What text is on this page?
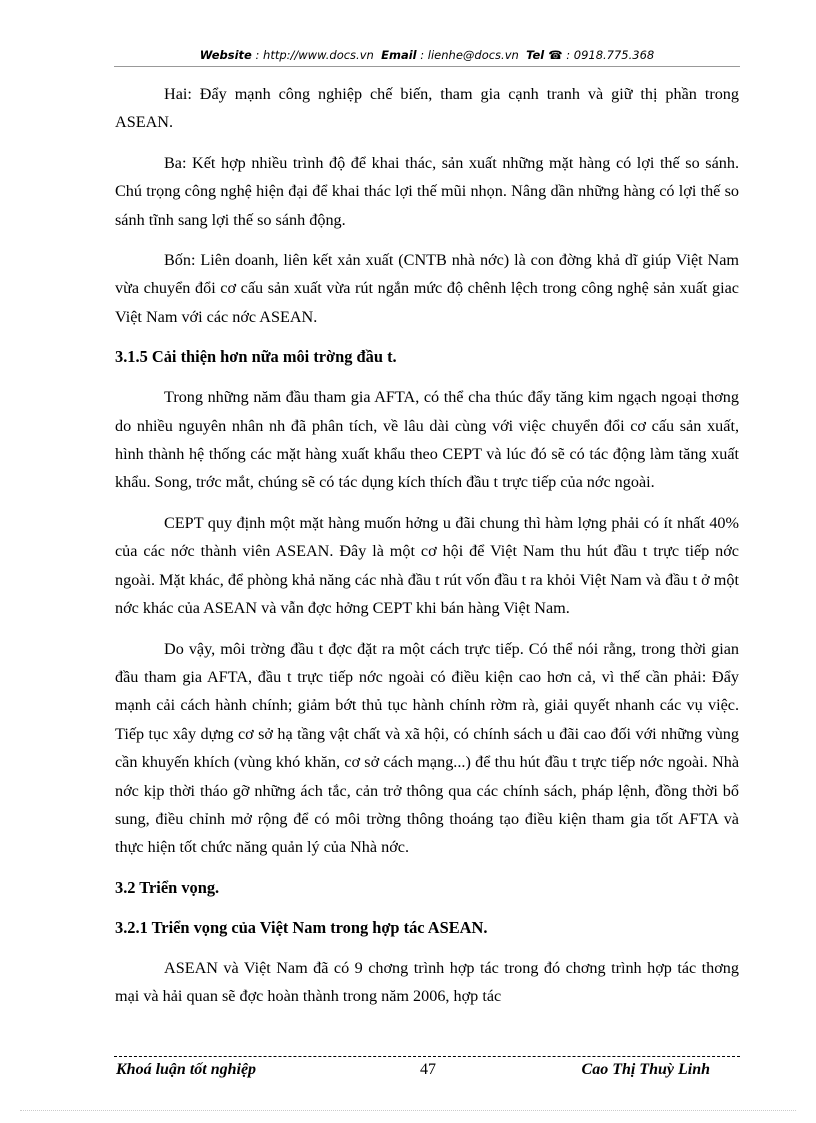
Website : http://www.docs.vn Email : lienhe@docs.vn Tel ☎ : 0918.775.368

Hai: Đẩy mạnh công nghiệp chế biến, tham gia cạnh tranh và giữ thị phần trong ASEAN.

Ba: Kết hợp nhiều trình độ để khai thác, sản xuất những mặt hàng có lợi thế so sánh. Chú trọng công nghệ hiện đại để khai thác lợi thế mũi nhọn. Nâng dần những hàng có lợi thế so sánh tĩnh sang lợi thế so sánh động.

Bốn: Liên doanh, liên kết xản xuất (CNTB nhà nớc) là con đờng khả dĩ giúp Việt Nam vừa chuyển đổi cơ cấu sản xuất vừa rút ngắn mức độ chênh lệch trong công nghệ sản xuất giac Việt Nam với các nớc ASEAN.

3.1.5 Cải thiện hơn nữa môi trờng đầu t.

Trong những năm đầu tham gia AFTA, có thể cha thúc đẩy tăng kim ngạch ngoại thơng do nhiều nguyên nhân nh đã phân tích, về lâu dài cùng với việc chuyển đổi cơ cấu sản xuất, hình thành hệ thống các mặt hàng xuất khẩu theo CEPT và lúc đó sẽ có tác động làm tăng xuất khẩu. Song, trớc mắt, chúng sẽ có tác dụng kích thích đầu t trực tiếp của nớc ngoài.

CEPT quy định một mặt hàng muốn hởng u đãi chung thì hàm lợng phải có ít nhất 40% của các nớc thành viên ASEAN. Đây là một cơ hội để Việt Nam thu hút đầu t trực tiếp nớc ngoài. Mặt khác, để phòng khả năng các nhà đầu t rút vốn đầu t ra khỏi Việt Nam và đầu t ở một nớc khác của ASEAN và vẫn đợc hởng CEPT khi bán hàng Việt Nam.

Do vậy, môi trờng đầu t đợc đặt ra một cách trực tiếp. Có thể nói rằng, trong thời gian đầu tham gia AFTA, đầu t trực tiếp nớc ngoài có điều kiện cao hơn cả, vì thế cần phải: Đẩy mạnh cải cách hành chính; giảm bớt thủ tục hành chính rờm rà, giải quyết nhanh các vụ việc. Tiếp tục xây dựng cơ sở hạ tầng vật chất và xã hội, có chính sách u đãi cao đối với những vùng cần khuyến khích (vùng khó khăn, cơ sở cách mạng...) để thu hút đầu t trực tiếp nớc ngoài. Nhà nớc kịp thời tháo gỡ những ách tắc, cản trở thông qua các chính sách, pháp lệnh, đồng thời bổ sung, điều chỉnh mở rộng để có môi trờng thông thoáng tạo điều kiện tham gia tốt AFTA và thực hiện tốt chức năng quản lý của Nhà nớc.

3.2 Triển vọng.
3.2.1 Triển vọng của Việt Nam trong hợp tác ASEAN.

ASEAN và Việt Nam đã có 9 chơng trình hợp tác trong đó chơng trình hợp tác thơng mại và hải quan sẽ đợc hoàn thành trong năm 2006, hợp tác

Khoá luận tốt nghiệp	47	Cao Thị Thuỳ Linh
